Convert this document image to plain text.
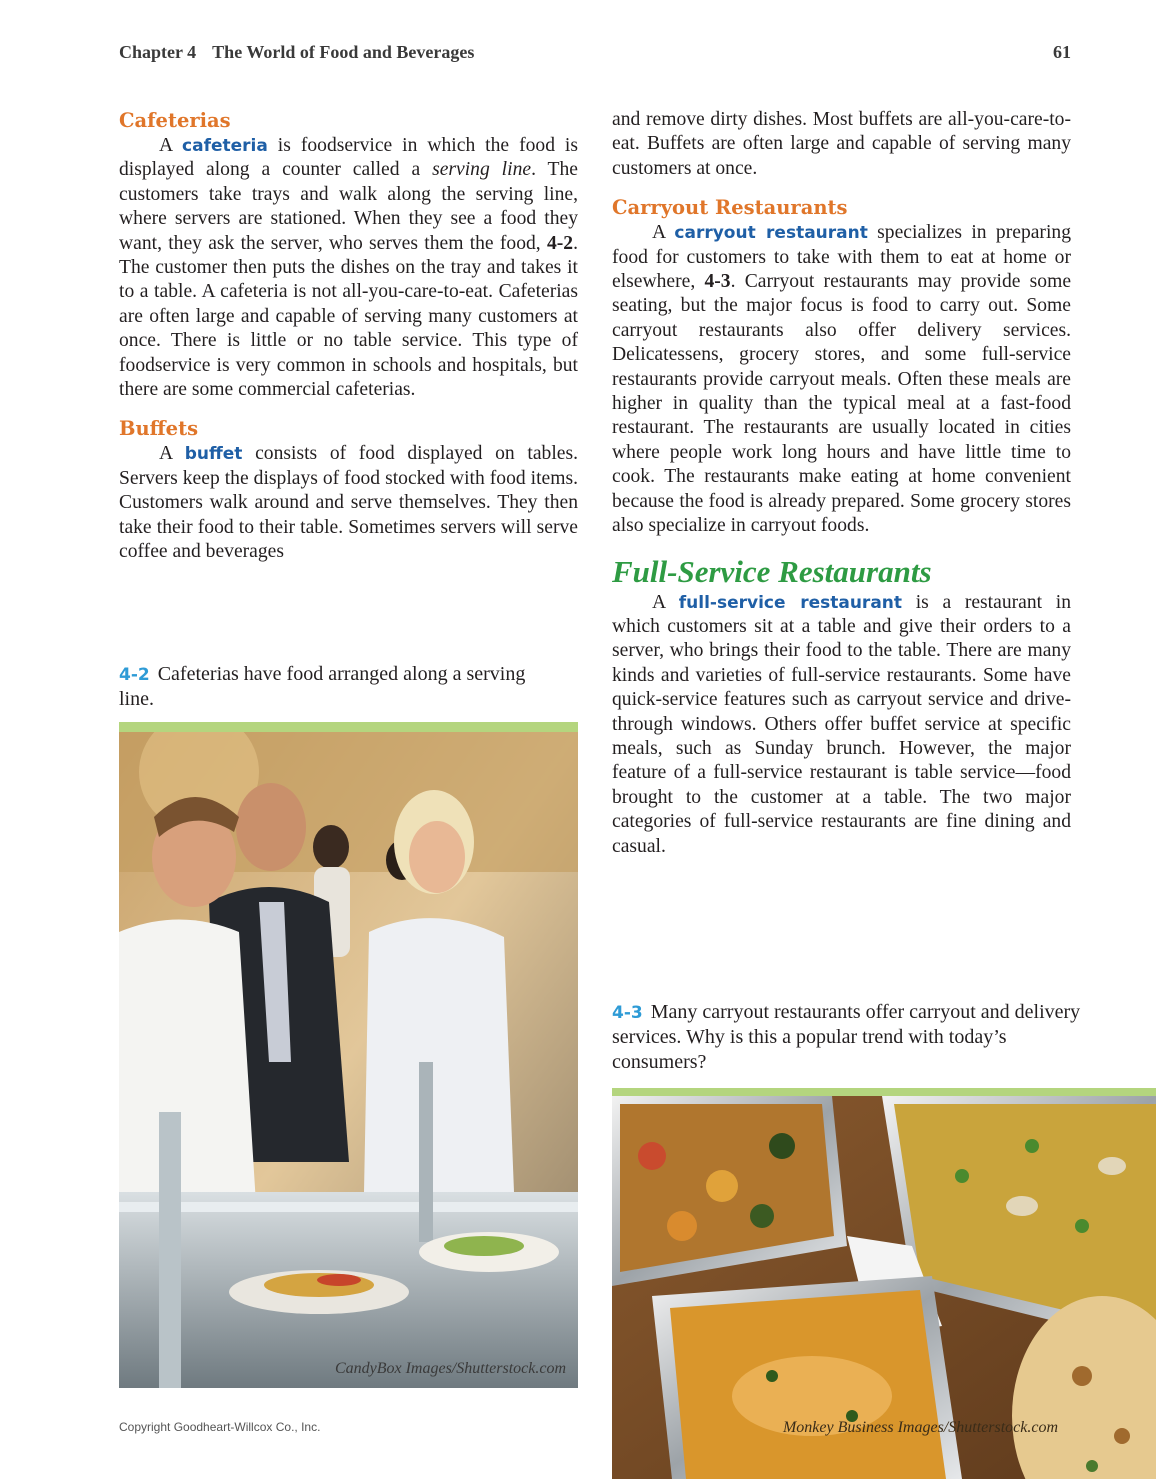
Chapter 4 The World of Food and Beverages	61
Cafeterias

A cafeteria is foodservice in which the food is displayed along a counter called a serving line. The customers take trays and walk along the serving line, where servers are stationed. When they see a food they want, they ask the server, who serves them the food, 4-2. The customer then puts the dishes on the tray and takes it to a table. A cafeteria is not all-you-care-to-eat. Cafeterias are often large and capable of serving many customers at once. There is little or no table service. This type of foodservice is very common in schools and hospitals, but there are some commercial cafeterias.

Buffets

A buffet consists of food displayed on tables. Servers keep the displays of food stocked with food items. Customers walk around and serve themselves. They then take their food to their table. Sometimes servers will serve coffee and beverages

4-2 Cafeterias have food arranged along a serving line.
CandyBox Images/Shutterstock.com

and remove dirty dishes. Most buffets are all-you-care-to-eat. Buffets are often large and capable of serving many customers at once.

Carryout Restaurants

A carryout restaurant specializes in preparing food for customers to take with them to eat at home or elsewhere, 4-3. Carryout restaurants may provide some seating, but the major focus is food to carry out. Some carryout restaurants also offer delivery services. Delicatessens, grocery stores, and some full-service restaurants provide carryout meals. Often these meals are higher in quality than the typical meal at a fast-food restaurant. The restaurants are usually located in cities where people work long hours and have little time to cook. The restaurants make eating at home convenient because the food is already prepared. Some grocery stores also specialize in carryout foods.

Full-Service Restaurants

A full-service restaurant is a restaurant in which customers sit at a table and give their orders to a server, who brings their food to the table. There are many kinds and varieties of full-service restaurants. Some have quick-service features such as carryout service and drive-through windows. Others offer buffet service at specific meals, such as Sunday brunch. However, the major feature of a full-service restaurant is table service—food brought to the customer at a table. The two major categories of full-service restaurants are fine dining and casual.

4-3 Many carryout restaurants offer carryout and delivery services. Why is this a popular trend with today’s consumers?
Monkey Business Images/Shutterstock.com
Copyright Goodheart-Willcox Co., Inc.
